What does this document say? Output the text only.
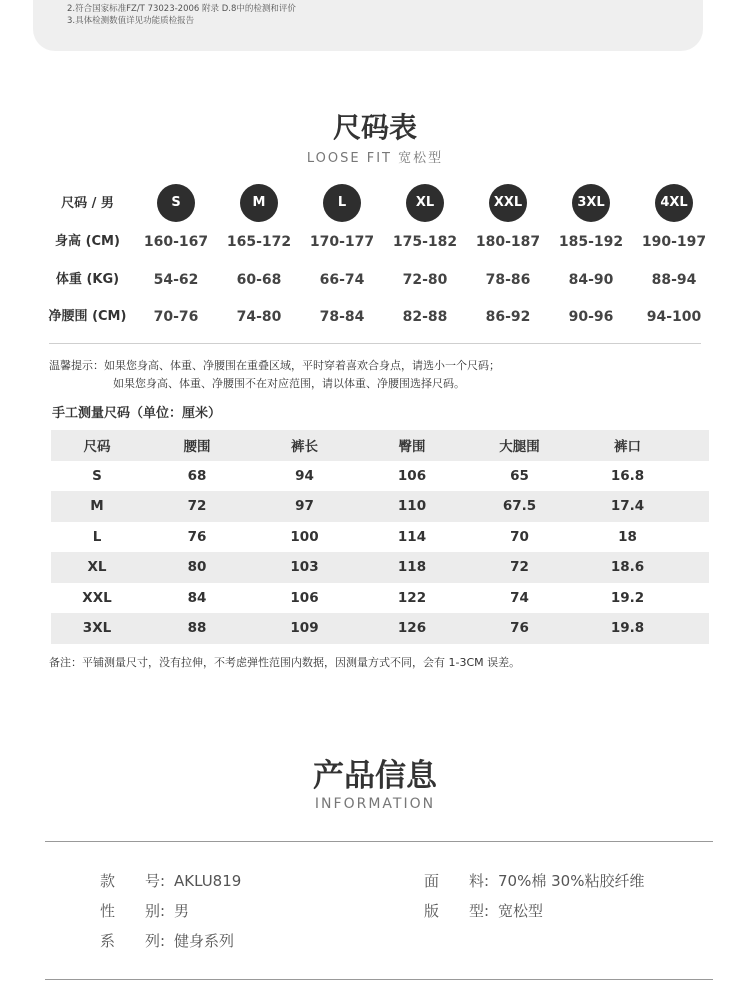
2.符合国家标准FZ/T 73023-2006 附录 D.8中的检测和评价
3.具体检测数值详见功能质检报告
尺码表
LOOSE FIT 宽松型
尺码 / 男	S	M	L	XL	XXL	3XL	4XL
身高 (CM)	160-167	165-172	170-177	175-182	180-187	185-192	190-197
体重 (KG)	54-62	60-68	66-74	72-80	78-86	84-90	88-94
净腰围 (CM)	70-76	74-80	78-84	82-88	86-92	90-96	94-100
温馨提示：如果您身高、体重、净腰围在重叠区域，平时穿着喜欢合身点，请选小一个尺码；
如果您身高、体重、净腰围不在对应范围，请以体重、净腰围选择尺码。
手工测量尺码（单位：厘米）
尺码	腰围	裤长	臀围	大腿围	裤口	
S	68	94	106	65	16.8	
M	72	97	110	67.5	17.4	
L	76	100	114	70	18	
XL	80	103	118	72	18.6	
XXL	84	106	122	74	19.2	
3XL	88	109	126	76	19.8	
备注：平铺测量尺寸，没有拉伸，不考虑弹性范围内数据，因测量方式不同，会有 1-3CM 误差。
产品信息
INFORMATION
款　　号: AKLU819	面　　料: 70%棉 30%粘胶纤维
性　　别: 男	版　　型: 宽松型
系　　列: 健身系列
